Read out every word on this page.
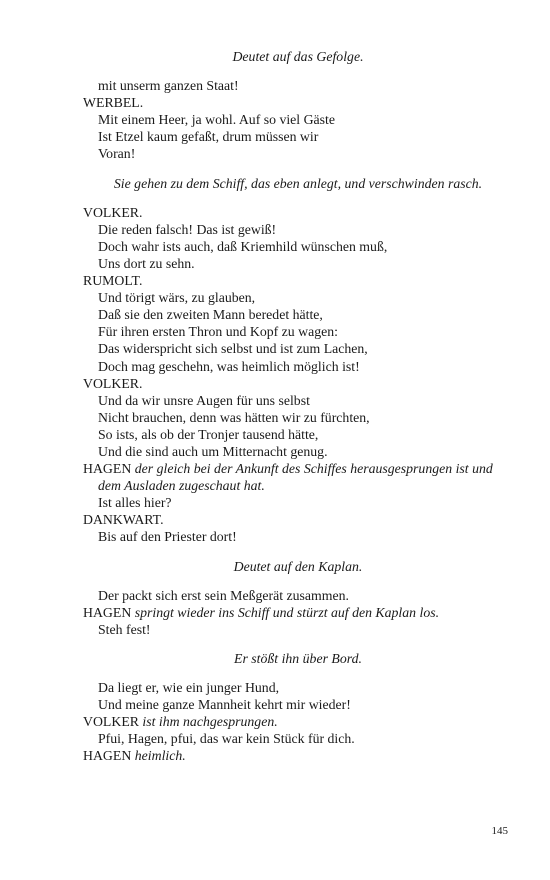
Deutet auf das Gefolge.
mit unserm ganzen Staat!
WERBEL.
Mit einem Heer, ja wohl. Auf so viel Gäste
Ist Etzel kaum gefaßt, drum müssen wir
Voran!
Sie gehen zu dem Schiff, das eben anlegt, und verschwinden rasch.
VOLKER.
Die reden falsch! Das ist gewiß!
Doch wahr ists auch, daß Kriemhild wünschen muß,
Uns dort zu sehn.
RUMOLT.
Und törigt wärs, zu glauben,
Daß sie den zweiten Mann beredet hätte,
Für ihren ersten Thron und Kopf zu wagen:
Das widerspricht sich selbst und ist zum Lachen,
Doch mag geschehn, was heimlich möglich ist!
VOLKER.
Und da wir unsre Augen für uns selbst
Nicht brauchen, denn was hätten wir zu fürchten,
So ists, als ob der Tronjer tausend hätte,
Und die sind auch um Mitternacht genug.
HAGEN der gleich bei der Ankunft des Schiffes herausgesprungen ist und dem Ausladen zugeschaut hat.
Ist alles hier?
DANKWART.
Bis auf den Priester dort!
Deutet auf den Kaplan.
Der packt sich erst sein Meßgerät zusammen.
HAGEN springt wieder ins Schiff und stürzt auf den Kaplan los.
Steh fest!
Er stößt ihn über Bord.
Da liegt er, wie ein junger Hund,
Und meine ganze Mannheit kehrt mir wieder!
VOLKER ist ihm nachgesprungen.
Pfui, Hagen, pfui, das war kein Stück für dich.
HAGEN heimlich.
145
